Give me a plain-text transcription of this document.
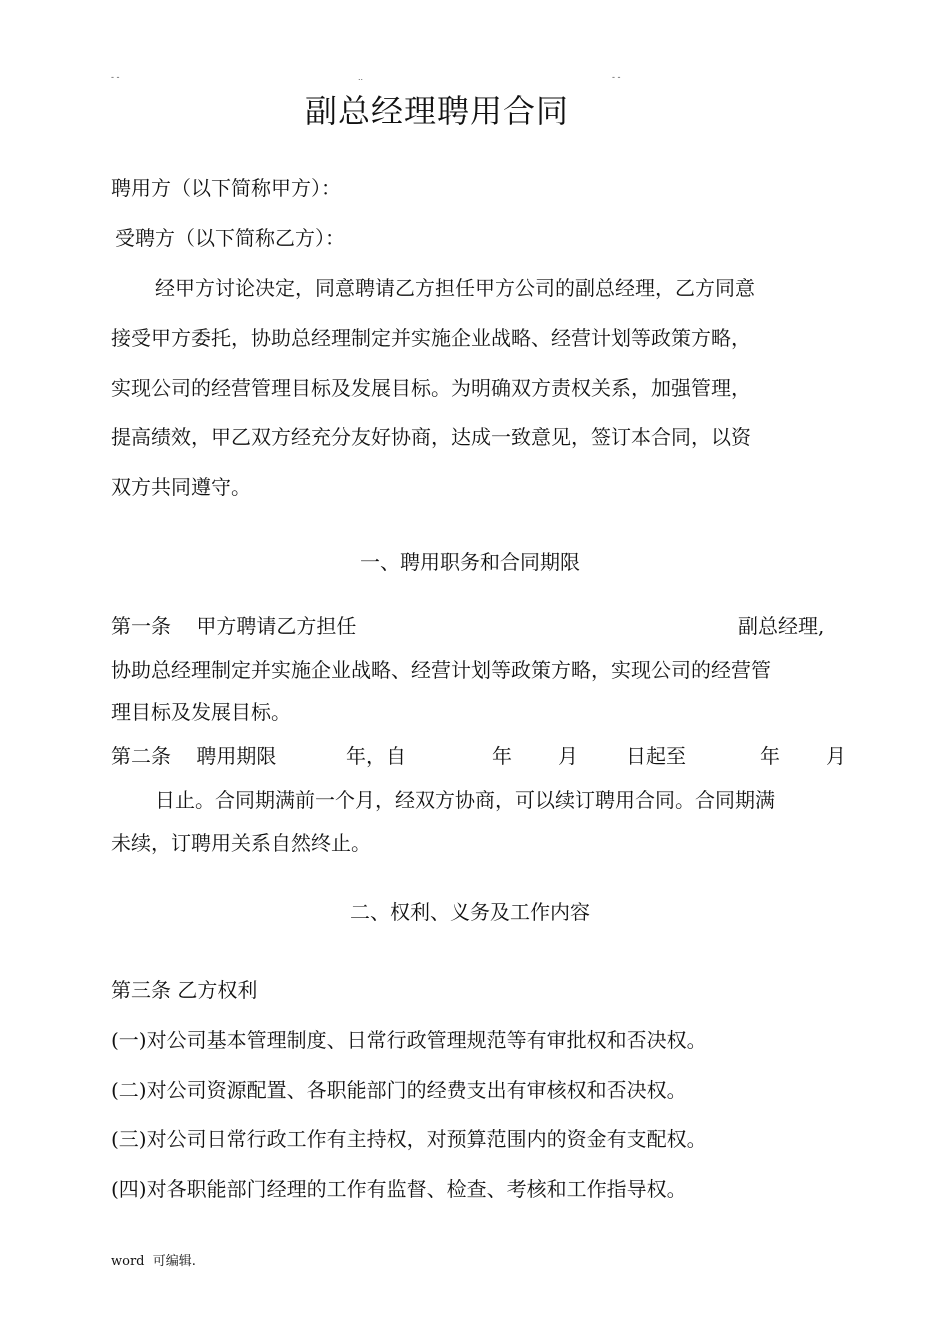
- -	..	- -
副总经理聘用合同
聘用方（以下简称甲方）：
受聘方（以下简称乙方）：
经甲方讨论决定，同意聘请乙方担任甲方公司的副总经理，乙方同意
接受甲方委托，协助总经理制定并实施企业战略、经营计划等政策方略，
实现公司的经营管理目标及发展目标。为明确双方责权关系，加强管理，
提高绩效，甲乙双方经充分友好协商，达成一致意见，签订本合同，以资
双方共同遵守。
一、聘用职务和合同期限
第一条    甲方聘请乙方担任	副总经理,
协助总经理制定并实施企业战略、经营计划等政策方略，实现公司的经营管
理目标及发展目标。
第二条    聘用期限	年，自	年 月 日起至	年 月
日止。合同期满前一个月，经双方协商，可以续订聘用合同。合同期满
未续，订聘用关系自然终止。
二、权利、义务及工作内容
第三条 乙方权利
(一)对公司基本管理制度、日常行政管理规范等有审批权和否决权。
(二)对公司资源配置、各职能部门的经费支出有审核权和否决权。
(三)对公司日常行政工作有主持权，对预算范围内的资金有支配权。
(四)对各职能部门经理的工作有监督、检查、考核和工作指导权。
word  可编辑.
